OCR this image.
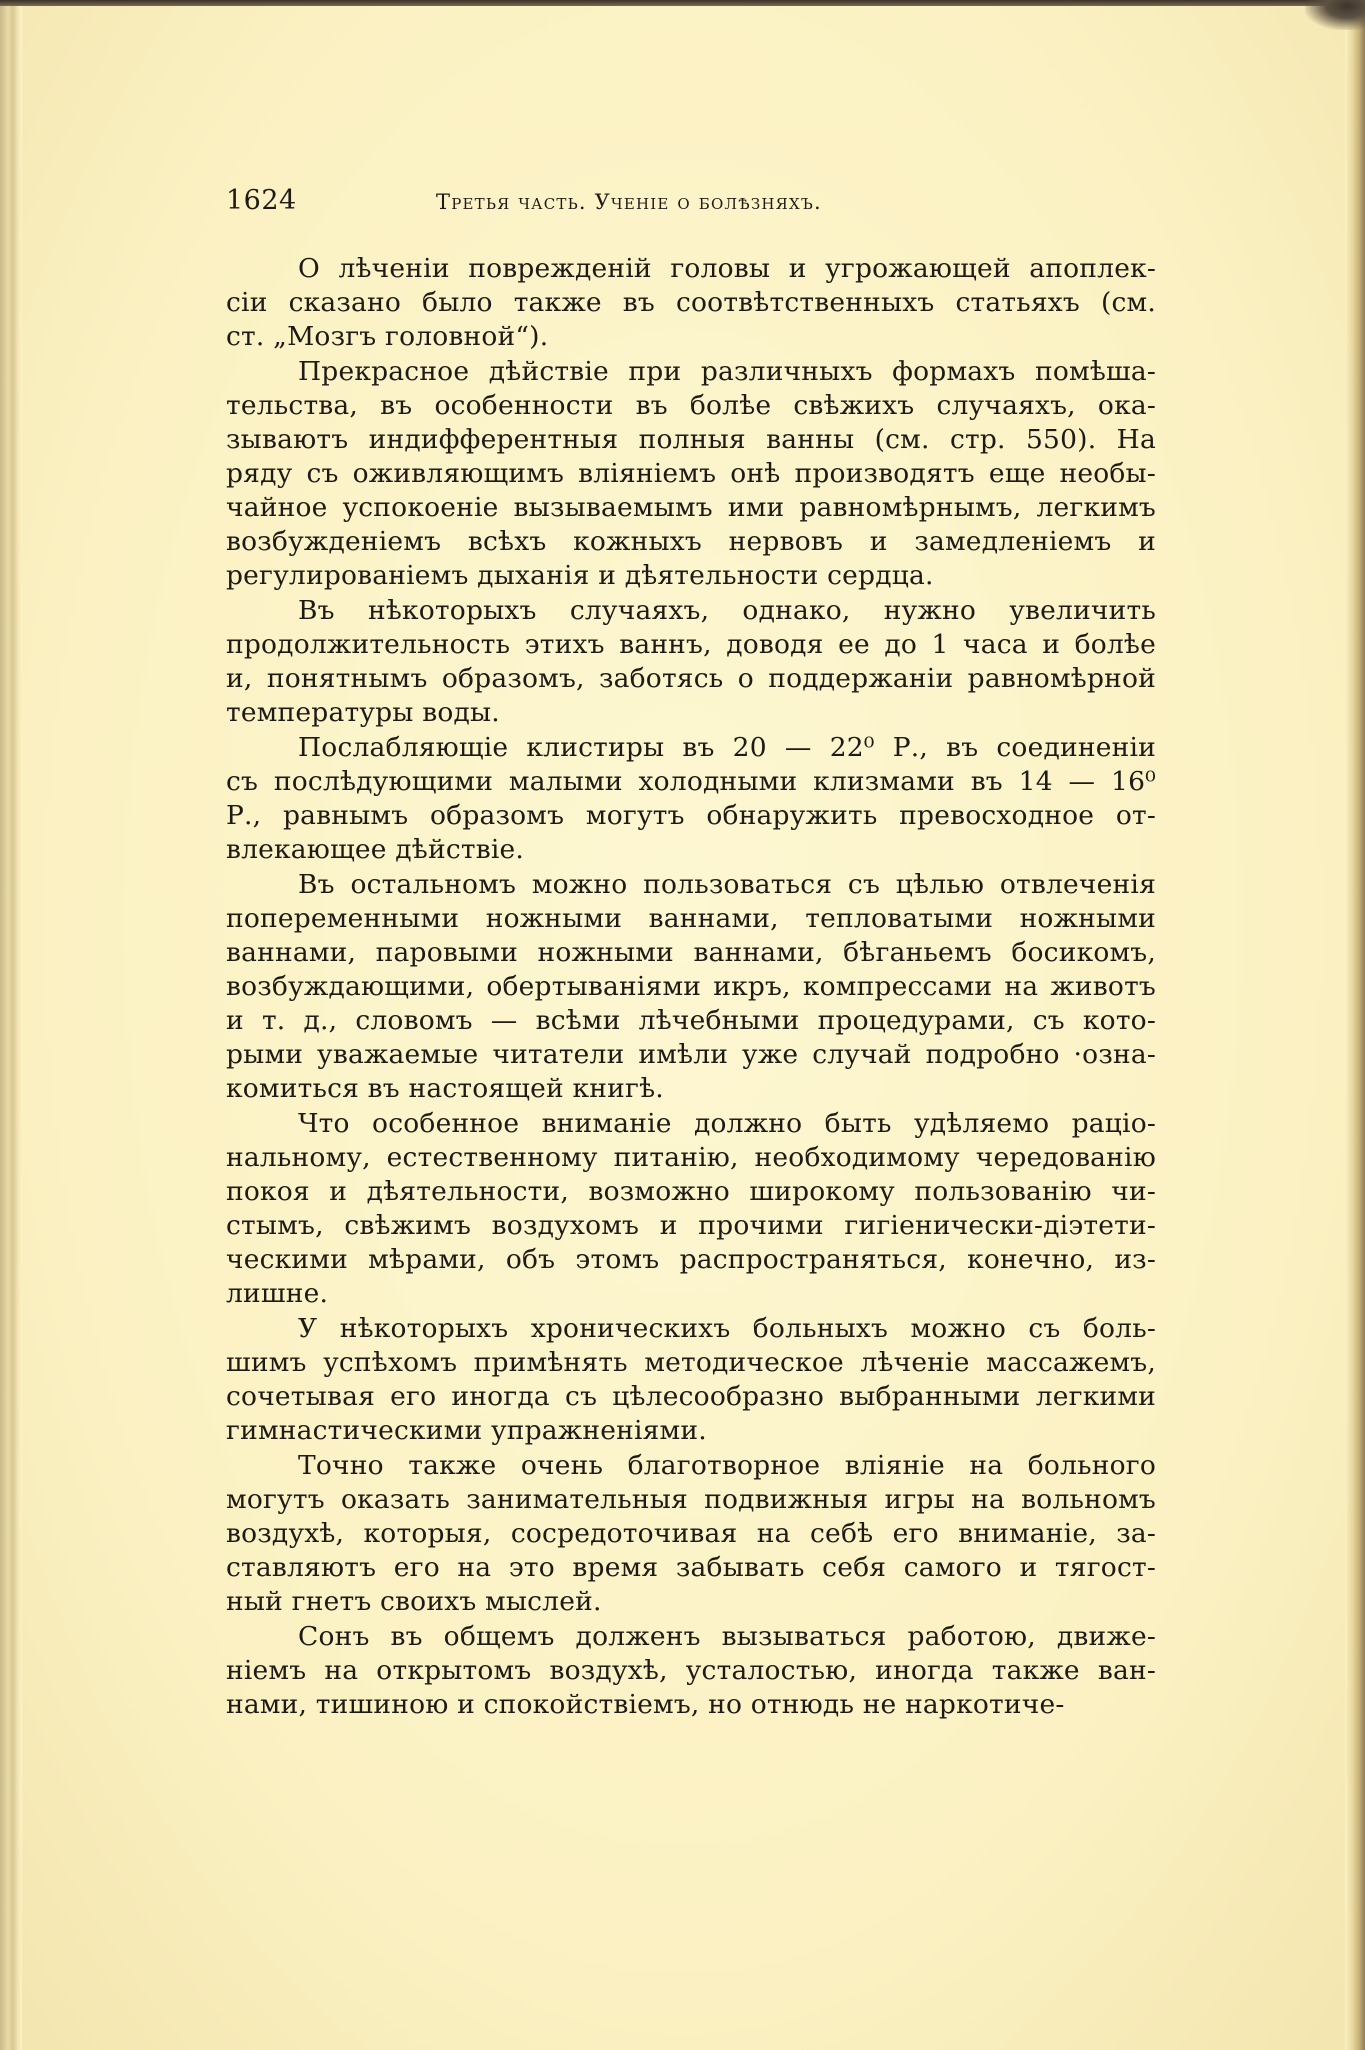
1624	Третья часть. Ученіе о болѣзняхъ.
О лѣченіи поврежденій головы и угрожающей апоплек-
сіи сказано было также въ соотвѣтственныхъ статьяхъ (см.
ст. „Мозгъ головной“).
Прекрасное дѣйствіе при различныхъ формахъ помѣша-
тельства, въ особенности въ болѣе свѣжихъ случаяхъ, ока-
зываютъ индифферентныя полныя ванны (см. стр. 550). На
ряду съ оживляющимъ вліяніемъ онѣ производятъ еще необы-
чайное успокоеніе вызываемымъ ими равномѣрнымъ, легкимъ
возбужденіемъ всѣхъ кожныхъ нервовъ и замедленіемъ и
регулированіемъ дыханія и дѣятельности сердца.
Въ нѣкоторыхъ случаяхъ, однако, нужно увеличить
продолжительность этихъ ваннъ, доводя ее до 1 часа и болѣе
и, понятнымъ образомъ, заботясь о поддержаніи равномѣрной
температуры воды.
Послабляющіе клистиры въ 20 — 22⁰ Р., въ соединеніи
съ послѣдующими малыми холодными клизмами въ 14 — 16⁰
Р., равнымъ образомъ могутъ обнаружить превосходное от-
влекающее дѣйствіе.
Въ остальномъ можно пользоваться съ цѣлью отвлеченія
попеременными ножными ваннами, тепловатыми ножными
ваннами, паровыми ножными ваннами, бѣганьемъ босикомъ,
возбуждающими, обертываніями икръ, компрессами на животъ
и т. д., словомъ — всѣми лѣчебными процедурами, съ кото-
рыми уважаемые читатели имѣли уже случай подробно ·озна-
комиться въ настоящей книгѣ.
Что особенное вниманіе должно быть удѣляемо раціо-
нальному, естественному питанію, необходимому чередованію
покоя и дѣятельности, возможно широкому пользованію чи-
стымъ, свѣжимъ воздухомъ и прочими гигіенически-діэтети-
ческими мѣрами, объ этомъ распространяться, конечно, из-
лишне.
У нѣкоторыхъ хроническихъ больныхъ можно съ боль-
шимъ успѣхомъ примѣнять методическое лѣченіе массажемъ,
сочетывая его иногда съ цѣлесообразно выбранными легкими
гимнастическими упражненіями.
Точно также очень благотворное вліяніе на больного
могутъ оказать занимательныя подвижныя игры на вольномъ
воздухѣ, которыя, сосредоточивая на себѣ его вниманіе, за-
ставляютъ его на это время забывать себя самого и тягост-
ный гнетъ своихъ мыслей.
Сонъ въ общемъ долженъ вызываться работою, движе-
ніемъ на открытомъ воздухѣ, усталостью, иногда также ван-
нами, тишиною и спокойствіемъ, но отнюдь не наркотиче-
